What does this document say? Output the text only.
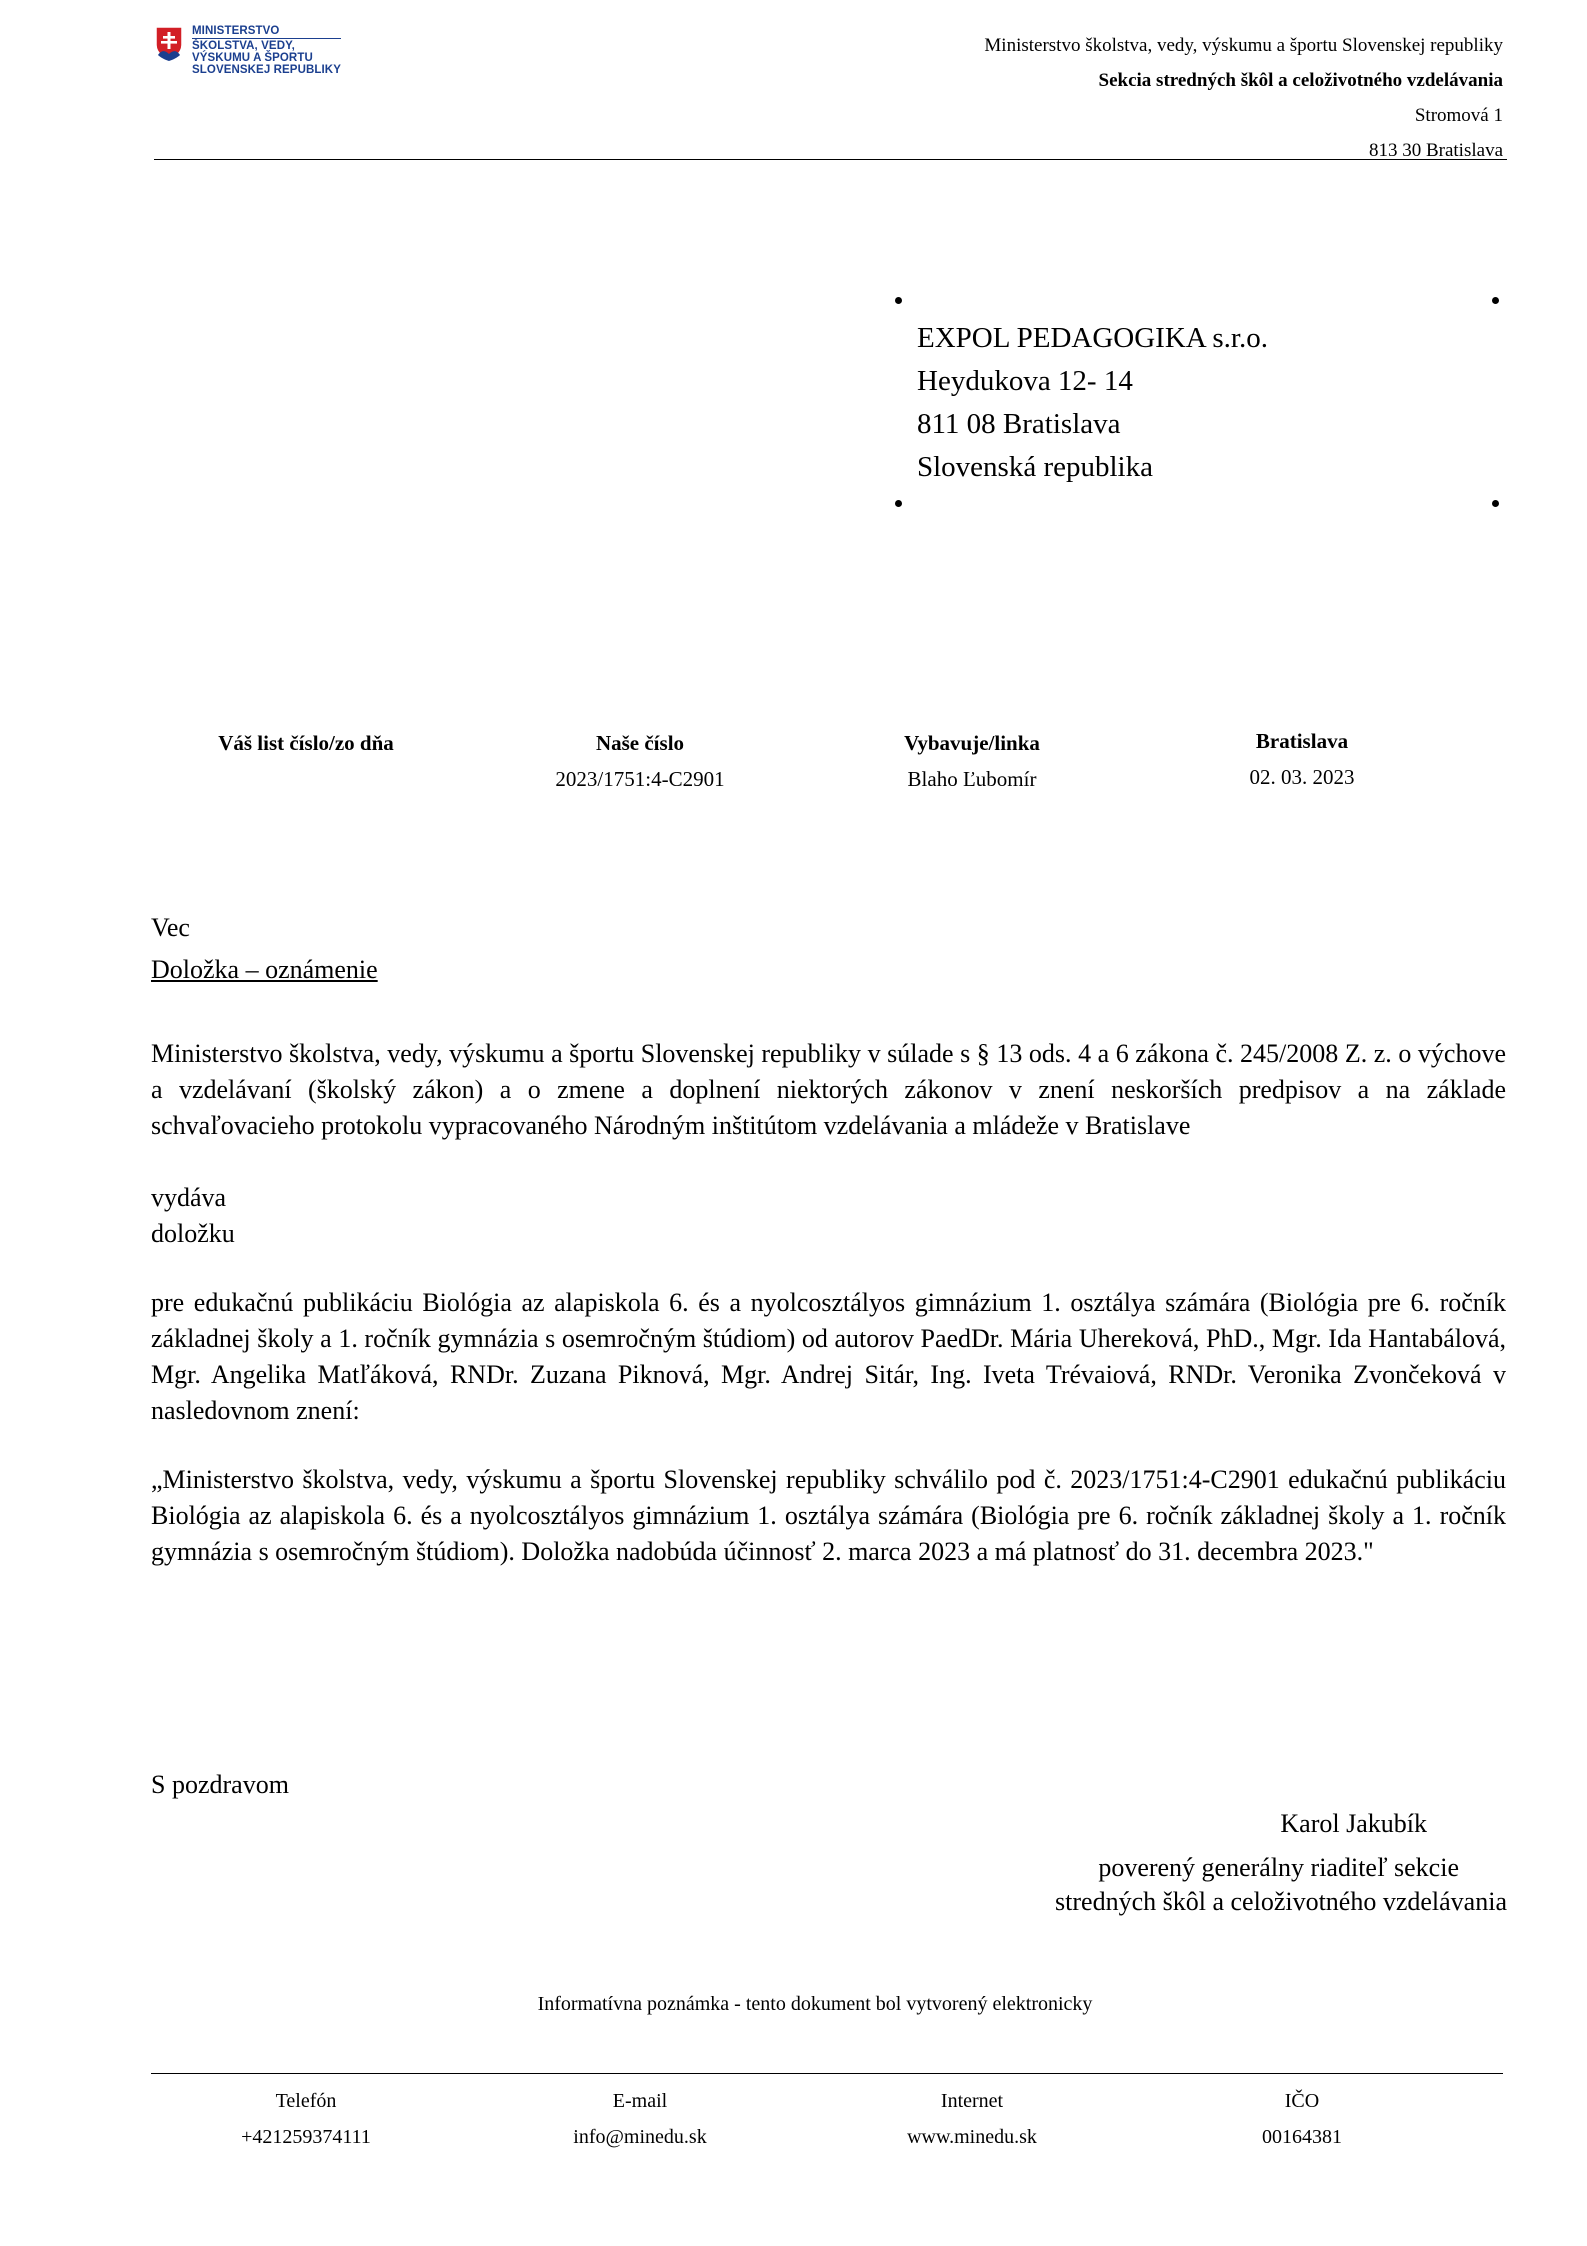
MINISTERSTVO
ŠKOLSTVA, VEDY,
VÝSKUMU A ŠPORTU
SLOVENSKEJ REPUBLIKY
Ministerstvo školstva, vedy, výskumu a športu Slovenskej republiky
Sekcia stredných škôl a celoživotného vzdelávania
Stromová 1
813 30 Bratislava
EXPOL PEDAGOGIKA s.r.o.
Heydukova 12- 14
811 08 Bratislava
Slovenská republika
Váš list číslo/zo dňa	Naše číslo
2023/1751:4-C2901
Vybavuje/linka
Blaho Ľubomír
Bratislava
02. 03. 2023
Vec
Doložka – oznámenie
Ministerstvo školstva, vedy, výskumu a športu Slovenskej republiky v súlade s § 13 ods. 4 a 6 zákona č. 245/2008 Z. z. o výchove a vzdelávaní (školský zákon) a o zmene a doplnení niektorých zákonov v znení neskorších predpisov a na základe schvaľovacieho protokolu vypracovaného Národným inštitútom vzdelávania a mládeže v Bratislave
vydáva
doložku
pre edukačnú publikáciu Biológia az alapiskola 6. és a nyolcosztályos gimnázium 1. osztálya számára (Biológia pre 6. ročník základnej školy a 1. ročník gymnázia s osemročným štúdiom) od autorov PaedDr. Mária Uhereková, PhD., Mgr. Ida Hantabálová, Mgr. Angelika Matľáková, RNDr. Zuzana Piknová, Mgr. Andrej Sitár, Ing. Iveta Trévaiová, RNDr. Veronika Zvončeková v nasledovnom znení:
„Ministerstvo školstva, vedy, výskumu a športu Slovenskej republiky schválilo pod č. 2023/1751:4-C2901 edukačnú publikáciu Biológia az alapiskola 6. és a nyolcosztályos gimnázium 1. osztálya számára (Biológia pre 6. ročník základnej školy a 1. ročník gymnázia s osemročným štúdiom). Doložka nadobúda účinnosť 2. marca 2023 a má platnosť do 31. decembra 2023."
S pozdravom
Karol Jakubík
poverený generálny riaditeľ sekcie
stredných škôl a celoživotného vzdelávania
Informatívna poznámka - tento dokument bol vytvorený elektronicky
Telefón
+421259374111
E-mail
info@minedu.sk
Internet
www.minedu.sk
IČO
00164381
